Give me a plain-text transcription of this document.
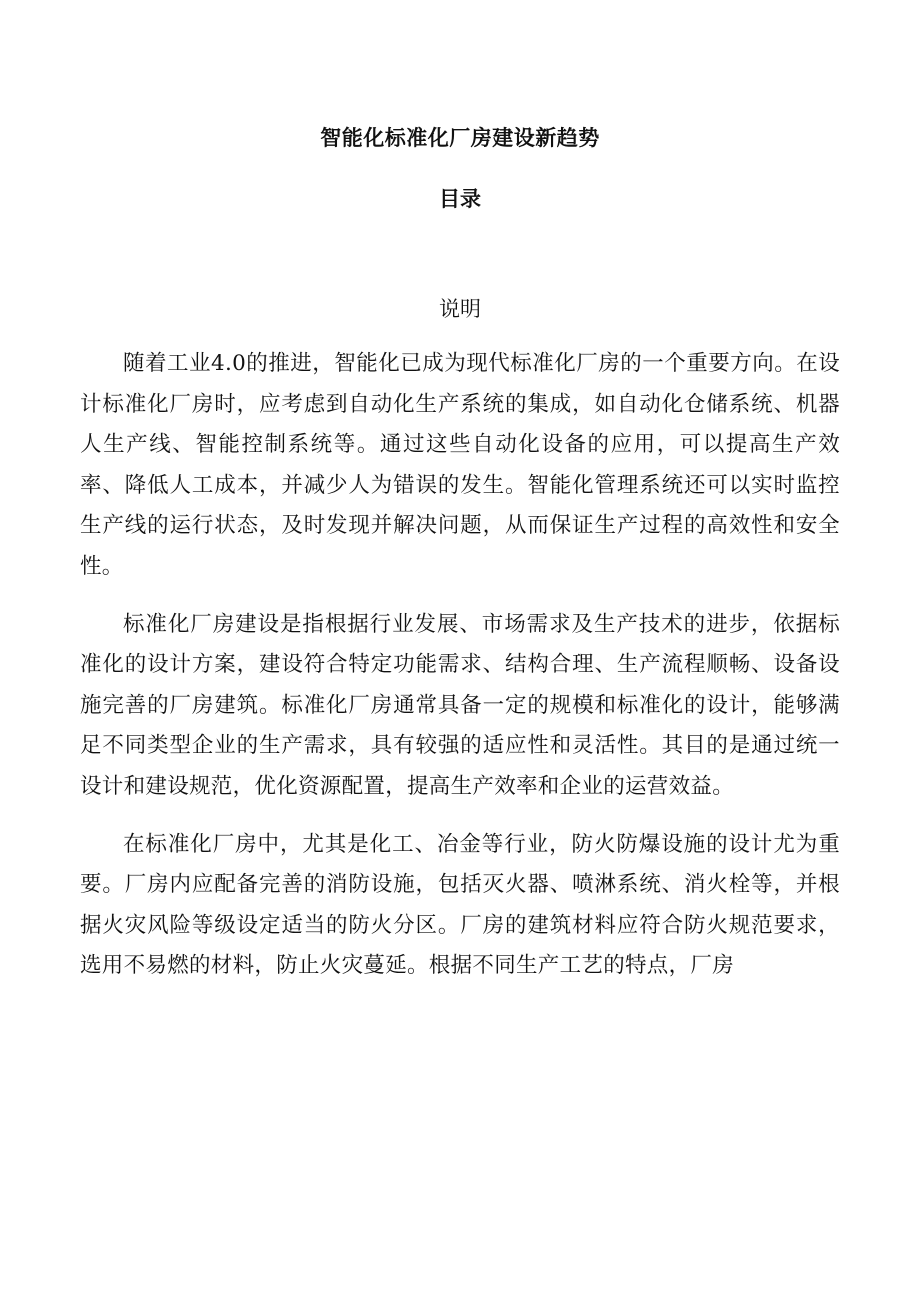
智能化标准化厂房建设新趋势
目录
说明

随着工业4.0的推进，智能化已成为现代标准化厂房的一个重要方向。在设计标准化厂房时，应考虑到自动化生产系统的集成，如自动化仓储系统、机器人生产线、智能控制系统等。通过这些自动化设备的应用，可以提高生产效率、降低人工成本，并减少人为错误的发生。智能化管理系统还可以实时监控生产线的运行状态，及时发现并解决问题，从而保证生产过程的高效性和安全性。

标准化厂房建设是指根据行业发展、市场需求及生产技术的进步，依据标准化的设计方案，建设符合特定功能需求、结构合理、生产流程顺畅、设备设施完善的厂房建筑。标准化厂房通常具备一定的规模和标准化的设计，能够满足不同类型企业的生产需求，具有较强的适应性和灵活性。其目的是通过统一设计和建设规范，优化资源配置，提高生产效率和企业的运营效益。

在标准化厂房中，尤其是化工、冶金等行业，防火防爆设施的设计尤为重要。厂房内应配备完善的消防设施，包括灭火器、喷淋系统、消火栓等，并根据火灾风险等级设定适当的防火分区。厂房的建筑材料应符合防火规范要求，选用不易燃的材料，防止火灾蔓延。根据不同生产工艺的特点，厂房
